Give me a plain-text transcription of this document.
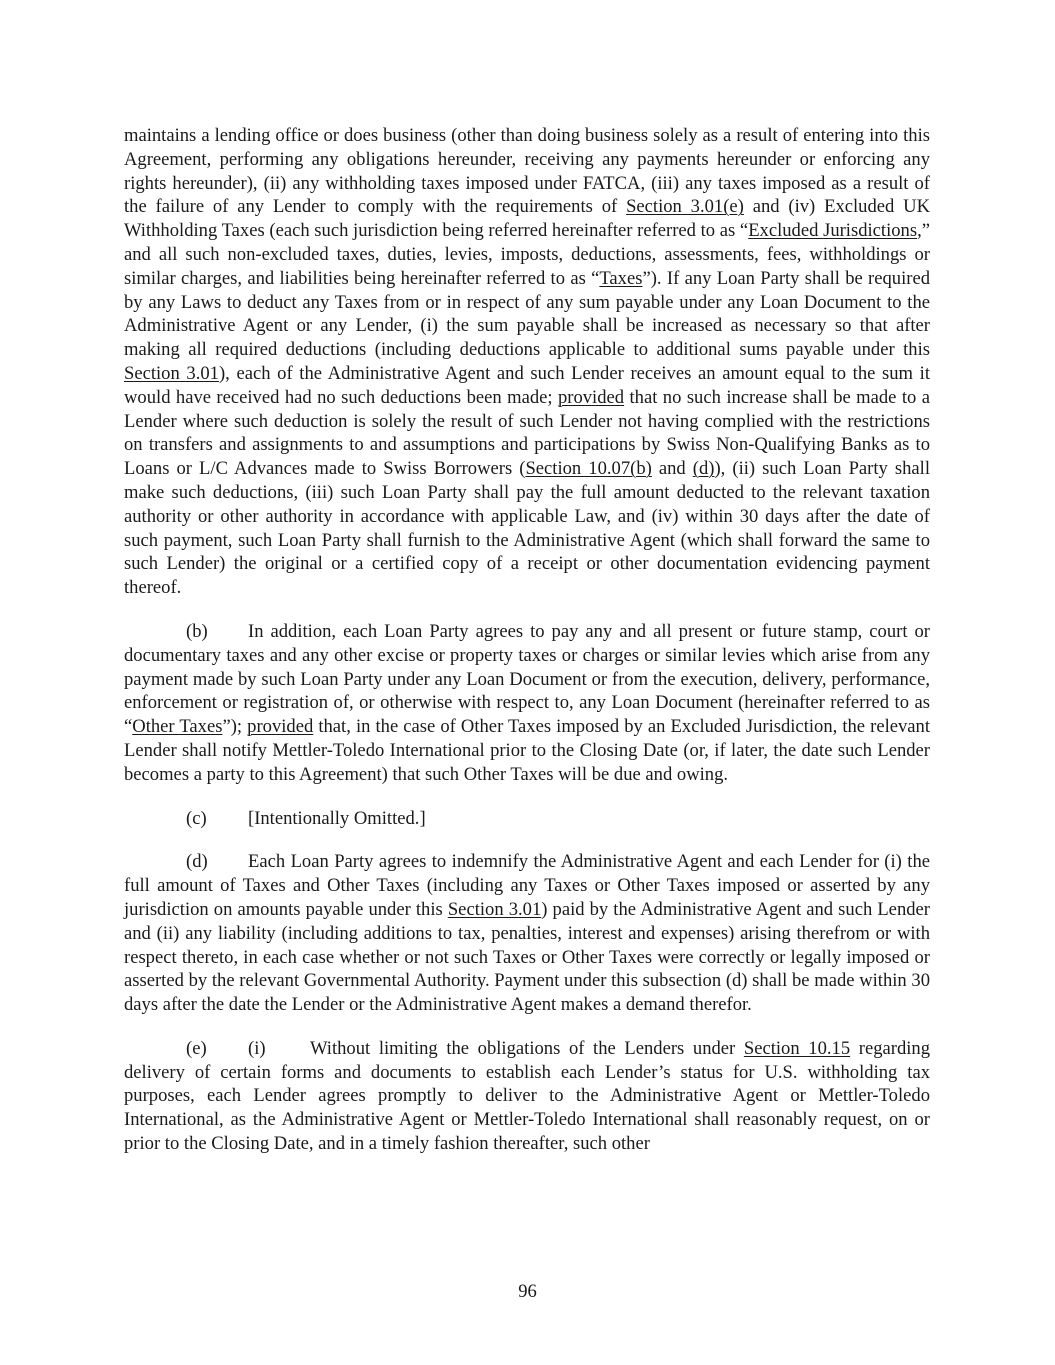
maintains a lending office or does business (other than doing business solely as a result of entering into this Agreement, performing any obligations hereunder, receiving any payments hereunder or enforcing any rights hereunder), (ii) any withholding taxes imposed under FATCA, (iii) any taxes imposed as a result of the failure of any Lender to comply with the requirements of Section 3.01(e) and (iv) Excluded UK Withholding Taxes (each such jurisdiction being referred hereinafter referred to as “Excluded Jurisdictions,” and all such non-excluded taxes, duties, levies, imposts, deductions, assessments, fees, withholdings or similar charges, and liabilities being hereinafter referred to as “Taxes”). If any Loan Party shall be required by any Laws to deduct any Taxes from or in respect of any sum payable under any Loan Document to the Administrative Agent or any Lender, (i) the sum payable shall be increased as necessary so that after making all required deductions (including deductions applicable to additional sums payable under this Section 3.01), each of the Administrative Agent and such Lender receives an amount equal to the sum it would have received had no such deductions been made; provided that no such increase shall be made to a Lender where such deduction is solely the result of such Lender not having complied with the restrictions on transfers and assignments to and assumptions and participations by Swiss Non-Qualifying Banks as to Loans or L/C Advances made to Swiss Borrowers (Section 10.07(b) and (d)), (ii) such Loan Party shall make such deductions, (iii) such Loan Party shall pay the full amount deducted to the relevant taxation authority or other authority in accordance with applicable Law, and (iv) within 30 days after the date of such payment, such Loan Party shall furnish to the Administrative Agent (which shall forward the same to such Lender) the original or a certified copy of a receipt or other documentation evidencing payment thereof.

(b) In addition, each Loan Party agrees to pay any and all present or future stamp, court or documentary taxes and any other excise or property taxes or charges or similar levies which arise from any payment made by such Loan Party under any Loan Document or from the execution, delivery, performance, enforcement or registration of, or otherwise with respect to, any Loan Document (hereinafter referred to as “Other Taxes”); provided that, in the case of Other Taxes imposed by an Excluded Jurisdiction, the relevant Lender shall notify Mettler-Toledo International prior to the Closing Date (or, if later, the date such Lender becomes a party to this Agreement) that such Other Taxes will be due and owing.

(c) [Intentionally Omitted.]

(d) Each Loan Party agrees to indemnify the Administrative Agent and each Lender for (i) the full amount of Taxes and Other Taxes (including any Taxes or Other Taxes imposed or asserted by any jurisdiction on amounts payable under this Section 3.01) paid by the Administrative Agent and such Lender and (ii) any liability (including additions to tax, penalties, interest and expenses) arising therefrom or with respect thereto, in each case whether or not such Taxes or Other Taxes were correctly or legally imposed or asserted by the relevant Governmental Authority. Payment under this subsection (d) shall be made within 30 days after the date the Lender or the Administrative Agent makes a demand therefor.

(e) (i) Without limiting the obligations of the Lenders under Section 10.15 regarding delivery of certain forms and documents to establish each Lender’s status for U.S. withholding tax purposes, each Lender agrees promptly to deliver to the Administrative Agent or Mettler-Toledo International, as the Administrative Agent or Mettler-Toledo International shall reasonably request, on or prior to the Closing Date, and in a timely fashion thereafter, such other

96
